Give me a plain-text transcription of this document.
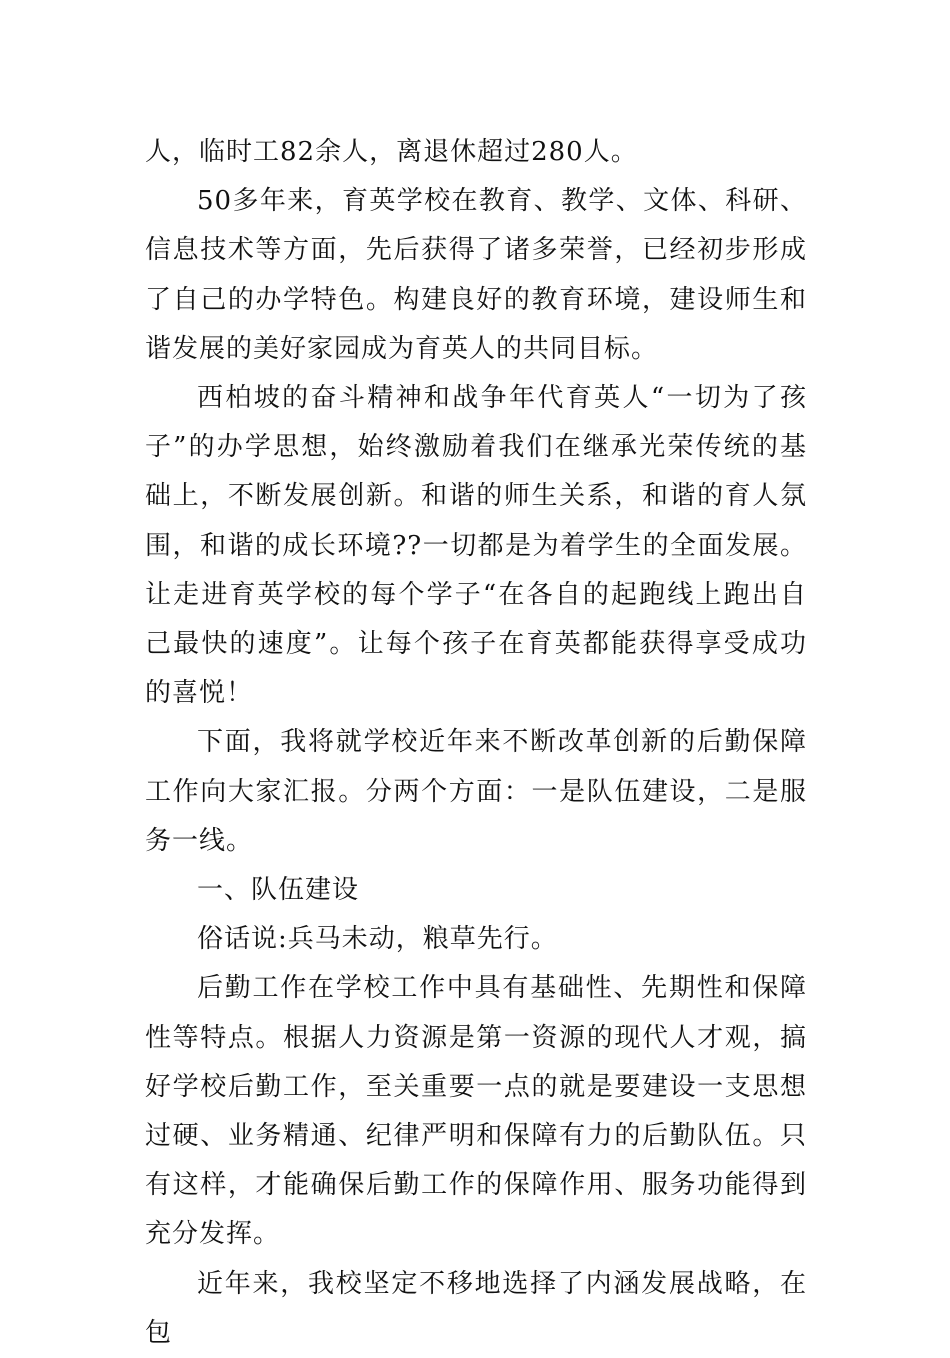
人，临时工82余人，离退休超过280人。

50多年来，育英学校在教育、教学、文体、科研、信息技术等方面，先后获得了诸多荣誉，已经初步形成了自己的办学特色。构建良好的教育环境，建设师生和谐发展的美好家园成为育英人的共同目标。

西柏坡的奋斗精神和战争年代育英人“一切为了孩子”的办学思想，始终激励着我们在继承光荣传统的基础上，不断发展创新。和谐的师生关系，和谐的育人氛围，和谐的成长环境??一切都是为着学生的全面发展。让走进育英学校的每个学子“在各自的起跑线上跑出自己最快的速度”。让每个孩子在育英都能获得享受成功的喜悦！

下面，我将就学校近年来不断改革创新的后勤保障工作向大家汇报。分两个方面：一是队伍建设，二是服务一线。

一、队伍建设

俗话说:兵马未动，粮草先行。

后勤工作在学校工作中具有基础性、先期性和保障性等特点。根据人力资源是第一资源的现代人才观，搞好学校后勤工作，至关重要一点的就是要建设一支思想过硬、业务精通、纪律严明和保障有力的后勤队伍。只有这样，才能确保后勤工作的保障作用、服务功能得到充分发挥。

近年来，我校坚定不移地选择了内涵发展战略，在包
